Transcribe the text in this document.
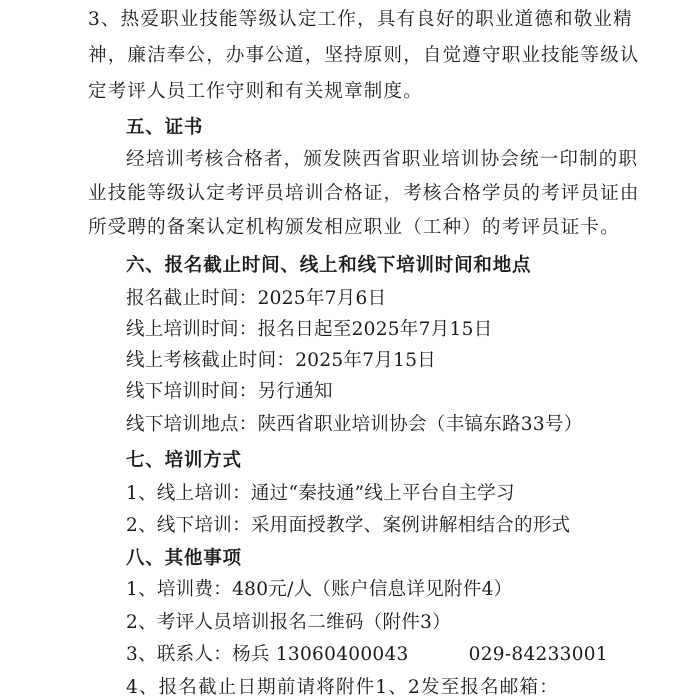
3、热爱职业技能等级认定工作，具有良好的职业道德和敬业精
神，廉洁奉公，办事公道，坚持原则，自觉遵守职业技能等级认
定考评人员工作守则和有关规章制度。
五、证书
经培训考核合格者，颁发陕西省职业培训协会统一印制的职
业技能等级认定考评员培训合格证，考核合格学员的考评员证由
所受聘的备案认定机构颁发相应职业（工种）的考评员证卡。
六、报名截止时间、线上和线下培训时间和地点
报名截止时间：2025年7月6日
线上培训时间：报名日起至2025年7月15日
线上考核截止时间：2025年7月15日
线下培训时间：另行通知
线下培训地点：陕西省职业培训协会（丰镐东路33号）
七、培训方式
1、线上培训：通过“秦技通”线上平台自主学习
2、线下培训：采用面授教学、案例讲解相结合的形式
八、其他事项
1、培训费：480元/人（账户信息详见附件4）
2、考评人员培训报名二维码（附件3）
3、联系人：杨兵 13060400043	029-84233001
4、报名截止日期前请将附件1、2发至报名邮箱：
